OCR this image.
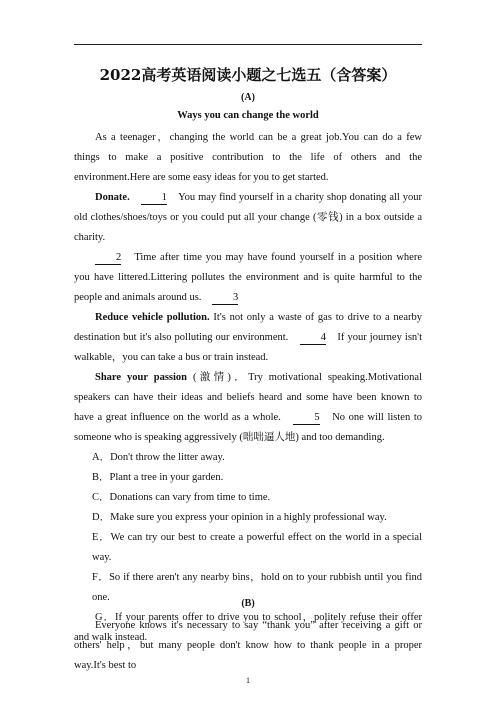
2022高考英语阅读小题之七选五（含答案）
(A)
Ways you can change the world

As a teenager，changing the world can be a great job.You can do a few things to make a positive contribution to the life of others and the environment.Here are some easy ideas for you to get started.

Donate.　	1　 You may find yourself in a charity shop donating all your old clothes/shoes/toys or you could put all your change (零钱) in a box outside a charity.

2　 Time after time you may have found yourself in a position where you have littered.Littering pollutes the environment and is quite harmful to the people and animals around us.　	3

Reduce vehicle pollution. It's not only a waste of gas to drive to a nearby destination but it's also polluting our environment.　	4　 If your journey isn't walkable，you can take a bus or train instead.

Share your passion (激情)．Try motivational speaking.Motivational speakers can have their ideas and beliefs heard and some have been known to have a great influence on the world as a whole.　	5　 No one will listen to someone who is speaking aggressively (咄咄逼人地) and too demanding.

A．Don't throw the litter away.

B．Plant a tree in your garden.

C．Donations can vary from time to time.

D．Make sure you express your opinion in a highly professional way.

E．We can try our best to create a powerful effect on the world in a special way.

F．So if there aren't any nearby bins，hold on to your rubbish until you find one.

G．If your parents offer to drive you to school，politely refuse their offer and walk instead.

(B)

Everyone knows it's necessary to say “thank you” after receiving a gift or others' help，but many people don't know how to thank people in a proper way.It's best to

1
